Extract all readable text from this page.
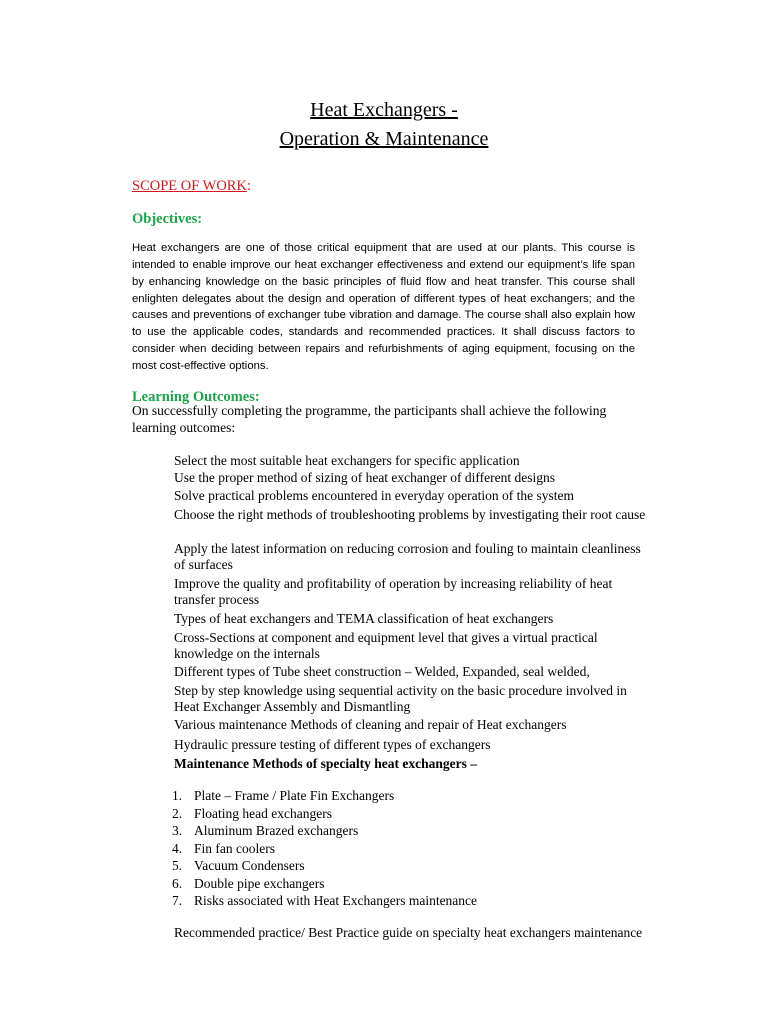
Heat Exchangers -
Operation & Maintenance
SCOPE OF WORK:
Objectives:
Heat exchangers are one of those critical equipment that are used at our plants. This course is intended to enable improve our heat exchanger effectiveness and extend our equipment’s life span by enhancing knowledge on the basic principles of fluid flow and heat transfer. This course shall enlighten delegates about the design and operation of different types of heat exchangers; and the causes and preventions of exchanger tube vibration and damage. The course shall also explain how to use the applicable codes, standards and recommended practices. It shall discuss factors to consider when deciding between repairs and refurbishments of aging equipment, focusing on the most cost-effective options.
Learning Outcomes:
On successfully completing the programme, the participants shall achieve the following learning outcomes:
Select the most suitable heat exchangers for specific application
Use the proper method of sizing of heat exchanger of different designs
Solve practical problems encountered in everyday operation of the system
Choose the right methods of troubleshooting problems by investigating their root cause
Apply the latest information on reducing corrosion and fouling to maintain cleanliness of surfaces
Improve the quality and profitability of operation by increasing reliability of heat transfer process
Types of heat exchangers and TEMA classification of heat exchangers
Cross-Sections at component and equipment level that gives a virtual practical knowledge on the internals
Different types of Tube sheet construction – Welded, Expanded, seal welded,
Step by step knowledge using sequential activity on the basic procedure involved in Heat Exchanger Assembly and Dismantling
Various maintenance Methods of cleaning and repair of Heat exchangers
Hydraulic pressure testing of different types of exchangers
Maintenance Methods of specialty heat exchangers –
1. Plate – Frame / Plate Fin Exchangers
2. Floating head exchangers
3. Aluminum Brazed exchangers
4. Fin fan coolers
5. Vacuum Condensers
6. Double pipe exchangers
7. Risks associated with Heat Exchangers maintenance
Recommended practice/ Best Practice guide on specialty heat exchangers maintenance
